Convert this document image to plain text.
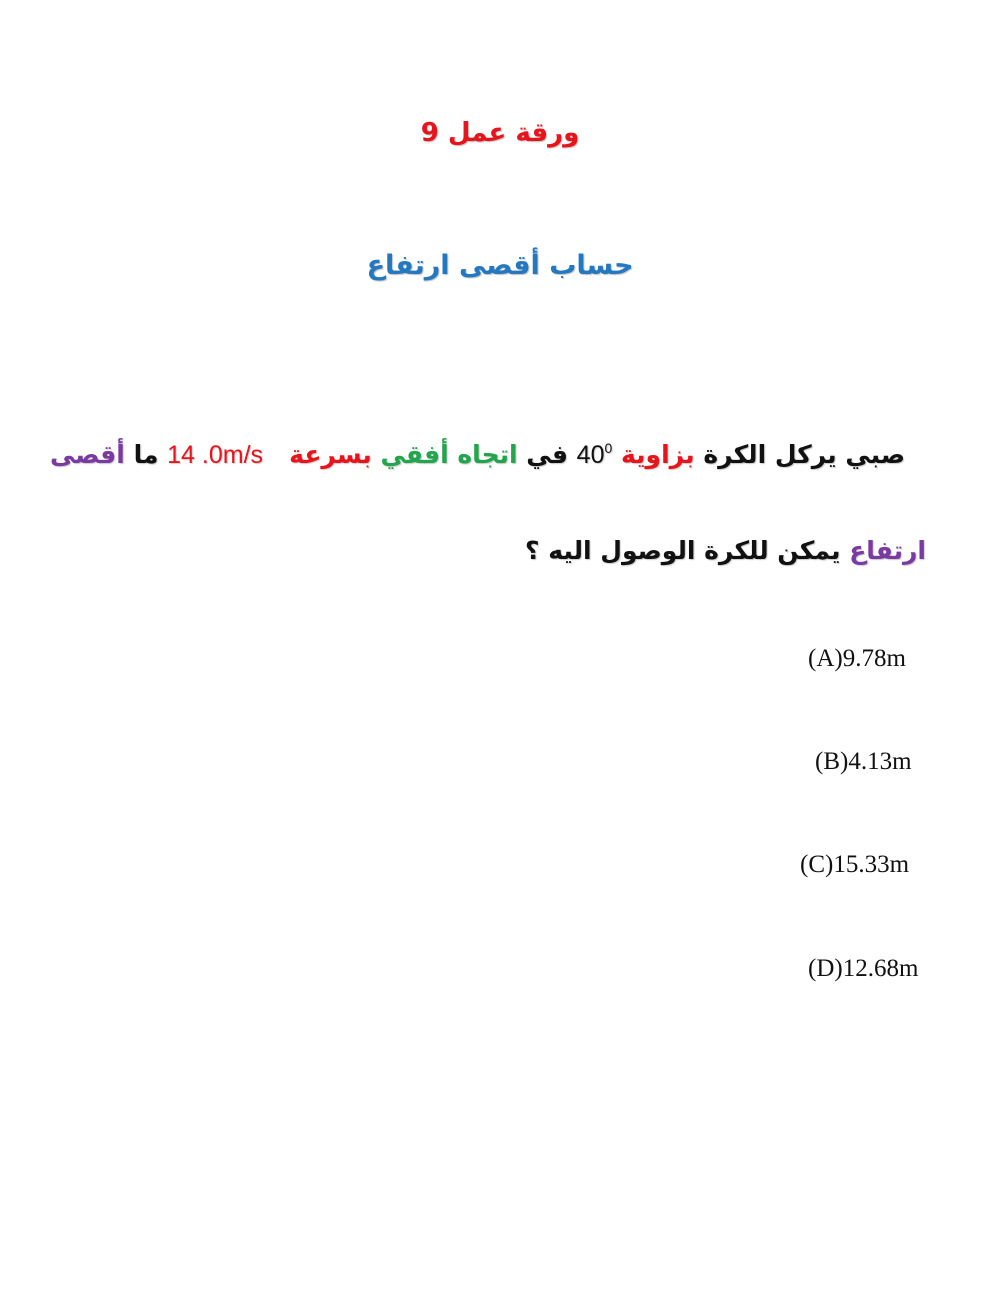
ورقة عمل 9
حساب أقصى ارتفاع
صبي يركل الكرة بزاوية $40^0$ في اتجاه أفقي بسرعة   14 .0m/s ما أقصى
ارتفاع يمكن للكرة الوصول اليه ؟
(A)9.78m
(B)4.13m
(C)15.33m
(D)12.68m
